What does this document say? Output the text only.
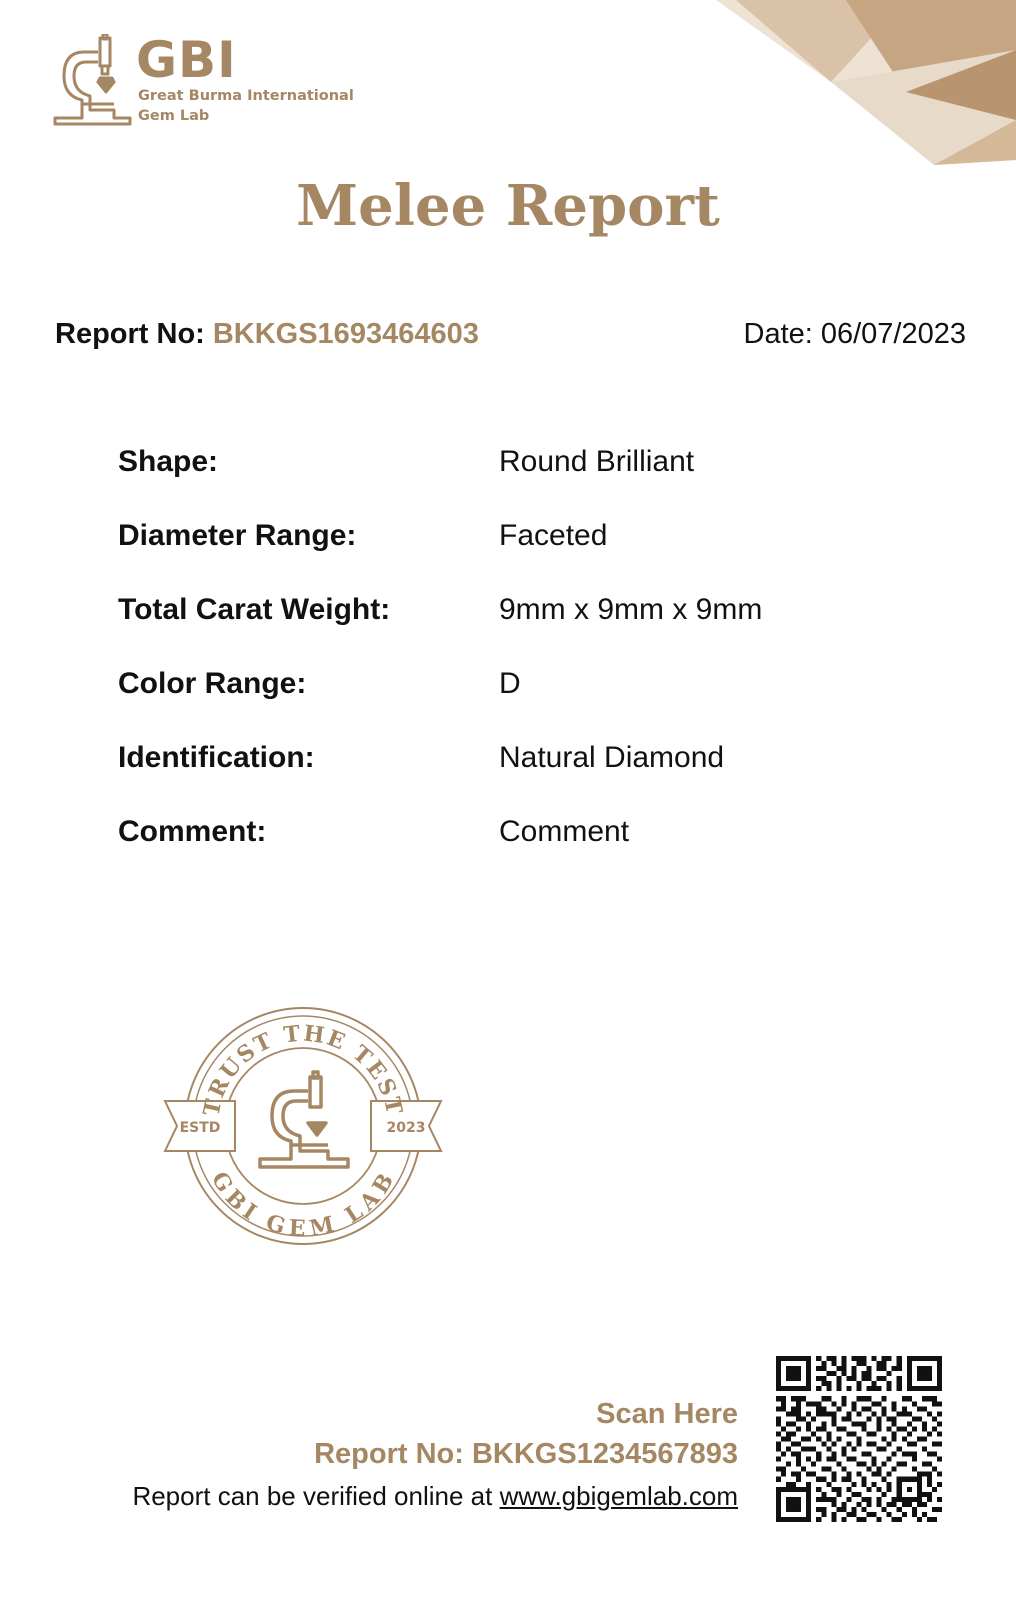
GBI
Great Burma International
Gem Lab
Melee Report
Report No: BKKGS1693464603	Date: 06/07/2023
Shape:	Round Brilliant
Diameter Range:	Faceted
Total Carat Weight:	9mm x 9mm x 9mm
Color Range:	D
Identification:	Natural Diamond
Comment:	Comment
ESTD	2023
TRUST THE TEST
GBI GEM LAB
Scan Here
Report No: BKKGS1234567893
Report can be verified online at www.gbigemlab.com
